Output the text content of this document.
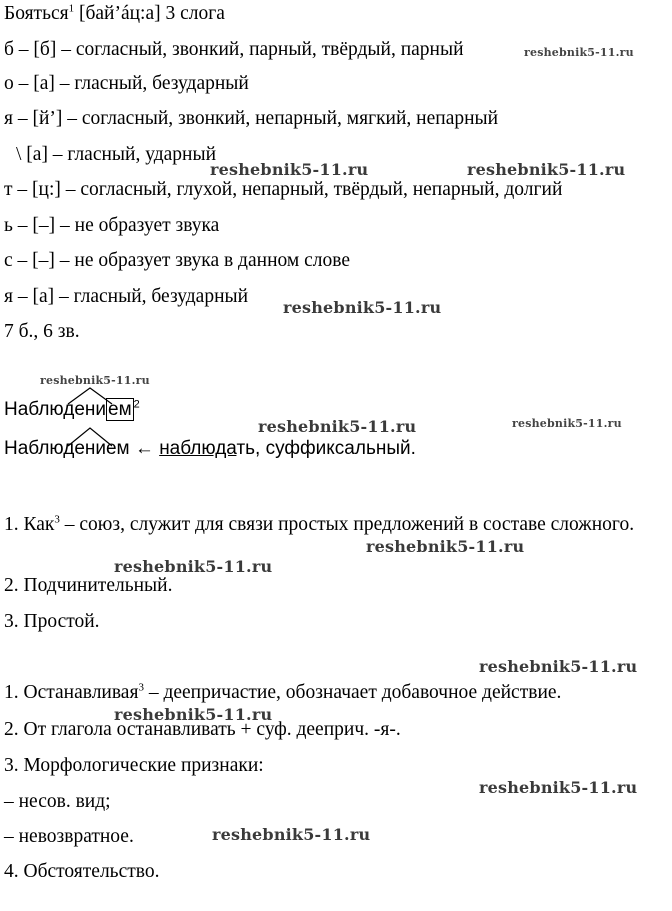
Бояться$^1$ [бай’áц:а] 3 слога
б – [б] – согласный, звонкий, парный, твёрдый, парный
о – [а] – гласный, безударный
я – [й’] – согласный, звонкий, непарный, мягкий, непарный
\ [а] – гласный, ударный
т – [ц:] – согласный, глухой, непарный, твёрдый, непарный, долгий
ь – [–] – не образует звука
с – [–] – не образует звука в данном слове
я – [а] – гласный, безударный
7 б., 6 зв.
Наблюдени ем $^2$
Наблюдением ← наблюдать, суффиксальный.
1. Как$^3$ – союз, служит для связи простых предложений в составе сложного.
2. Подчинительный.
3. Простой.
1. Останавливая$^3$ – деепричастие, обозначает добавочное действие.
2. От глагола останавливать + суф. дееприч. -я-.
3. Морфологические признаки:
– несов. вид;
– невозвратное.
4. Обстоятельство.
reshebnik5-11.ru
reshebnik5-11.ru	reshebnik5-11.ru
reshebnik5-11.ru
reshebnik5-11.ru
reshebnik5-11.ru	reshebnik5-11.ru
reshebnik5-11.ru
reshebnik5-11.ru
reshebnik5-11.ru
reshebnik5-11.ru
reshebnik5-11.ru
reshebnik5-11.ru
